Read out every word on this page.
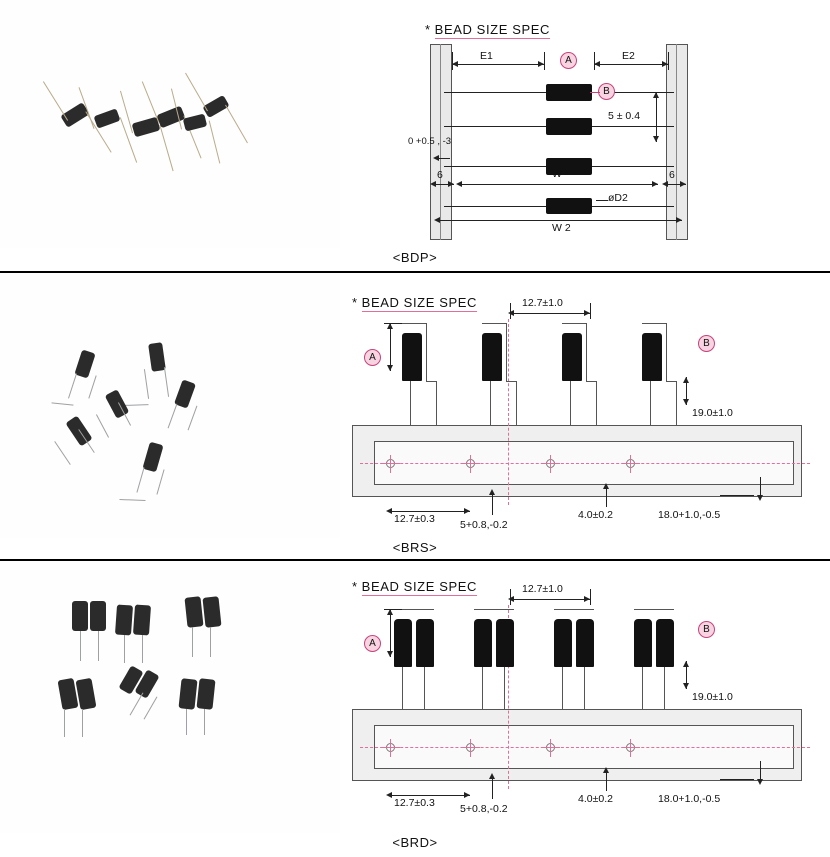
* BEAD SIZE SPEC
E1	E2
A
B
5 ± 0.4
0 +0.5 , -3
6	6
W
W 2
øD2
<BDP>
* BEAD SIZE SPEC	12.7±1.0
A
B
19.0±1.0
12.7±0.3 5+0.8,-0.2
4.0±0.2	18.0+1.0,-0.5
<BRS>
* BEAD SIZE SPEC	12.7±1.0
A
B
19.0±1.0
12.7±0.3 5+0.8,-0.2
4.0±0.2	18.0+1.0,-0.5
<BRD>
